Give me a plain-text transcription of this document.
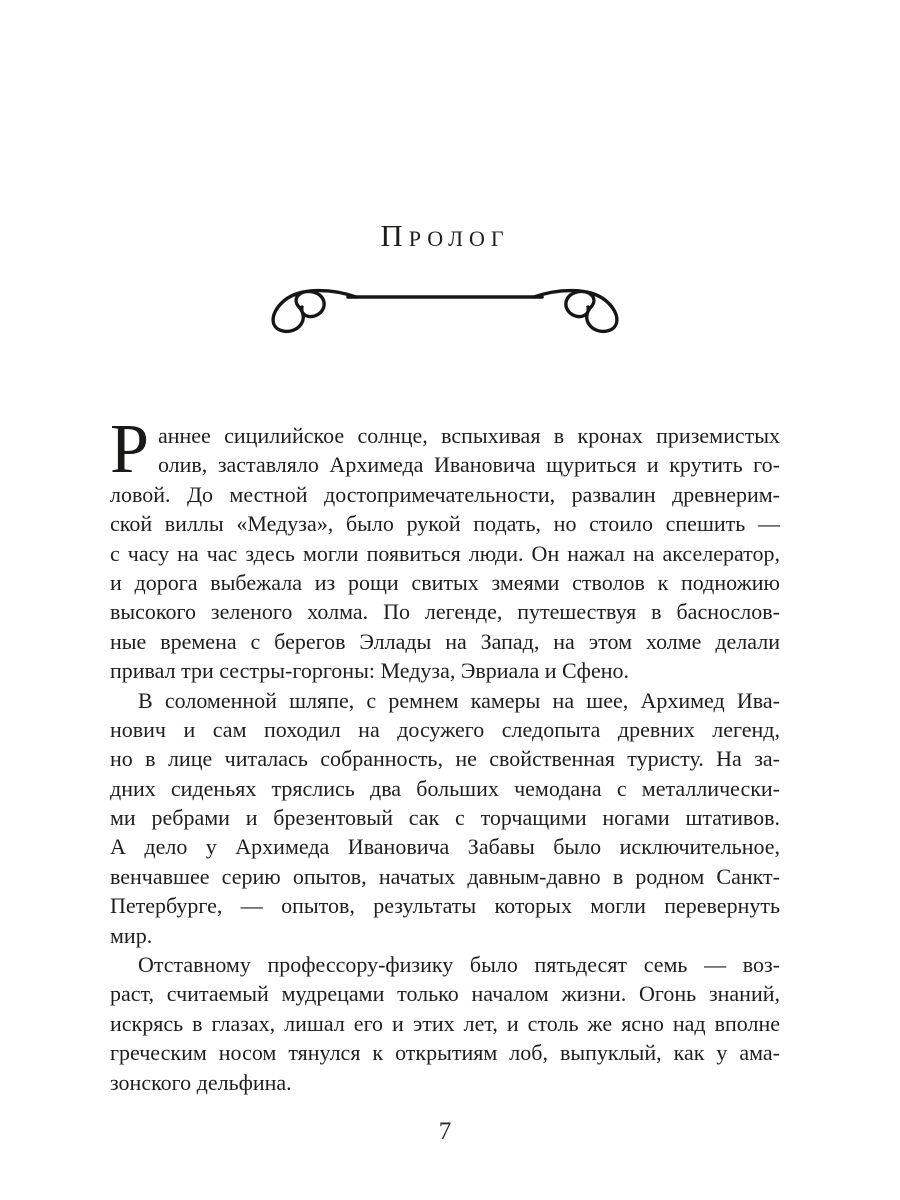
ПРОЛОГ
Р аннее сицилийское солнце, вспыхивая в кронах приземистых
олив, заставляло Архимеда Ивановича щуриться и крутить го-
ловой. До местной достопримечательности, развалин древнерим-
ской виллы «Медуза», было рукой подать, но стоило спешить —
с часу на час здесь могли появиться люди. Он нажал на акселератор,
и дорога выбежала из рощи свитых змеями стволов к подножию
высокого зеленого холма. По легенде, путешествуя в баснослов-
ные времена с берегов Эллады на Запад, на этом холме делали
привал три сестры-горгоны: Медуза, Эвриала и Сфено.
В соломенной шляпе, с ремнем камеры на шее, Архимед Ива-
нович и сам походил на досужего следопыта древних легенд,
но в лице читалась собранность, не свойственная туристу. На за-
дних сиденьях тряслись два больших чемодана с металлически-
ми ребрами и брезентовый сак с торчащими ногами штативов.
А дело у Архимеда Ивановича Забавы было исключительное,
венчавшее серию опытов, начатых давным-давно в родном Санкт-
Петербурге, — опытов, результаты которых могли перевернуть
мир.
Отставному профессору-физику было пятьдесят семь — воз-
раст, считаемый мудрецами только началом жизни. Огонь знаний,
искрясь в глазах, лишал его и этих лет, и столь же ясно над вполне
греческим носом тянулся к открытиям лоб, выпуклый, как у ама-
зонского дельфина.
7
